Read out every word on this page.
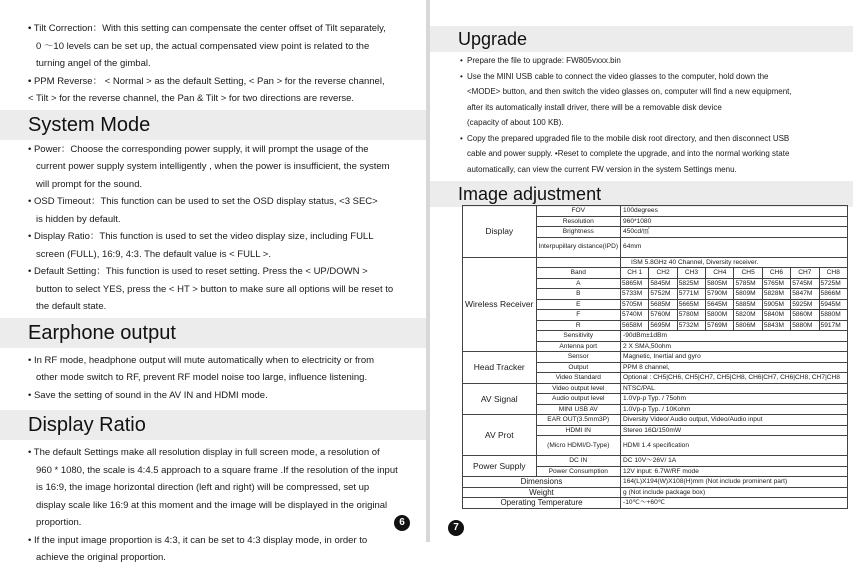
• • Tilt Correction：With this setting can compensate the center offset of Tilt separately,
0 ～10 levels can be set up, the actual compensated view point is related to the
turning angel of the gimbal.
• • PPM Reverse： < Normal > as the default Setting, < Pan > for the reverse channel,
< Tilt > for the reverse channel, the Pan & Tilt > for two directions are reverse.
System Mode
• Power：Choose the corresponding power supply, it will prompt the usage of the
current power supply system intelligently , when the power is insufficient, the system
will prompt for the sound.
• OSD Timeout：This function can be used to set the OSD display status, <3 SEC>
is hidden by default.
• Display Ratio：This function is used to set the video display size, including FULL
screen (FULL), 16:9, 4:3. The default value is < FULL >.
• Default Setting：This function is used to reset setting. Press the < UP/DOWN >
button to select YES, press the < HT > button to make sure all options will be reset to
the default state.
Earphone output
• In RF mode, headphone output will mute automatically when to electricity or from
other mode switch to RF, prevent RF model noise too large, influence listening.
• Save the setting of sound in the AV IN and HDMI mode.
Display Ratio
• The default Settings make all resolution display in full screen mode, a resolution of
960 * 1080, the scale is 4:4.5 approach to a square frame .If the resolution of the input
is 16:9, the image horizontal direction (left and right) will be compressed, set up
display scale like 16:9 at this moment and the image will be displayed in the original
proportion.
• If the input image proportion is 4:3, it can be set to 4:3 display mode, in order to
achieve the original proportion.
6
Upgrade
• Prepare the file to upgrade: FW805vxxx.bin
• Use the MINI USB cable to connect the video glasses to the computer, hold down the
<MODE> button, and then switch the video glasses on, computer will find a new equipment,
after its automatically install driver, there will be a removable disk device
(capacity of about 100 KB).
• Copy the prepared upgraded file to the mobile disk root directory, and then disconnect USB
cable and power supply. •Reset to complete the upgrade, and into the normal working state
automatically, can view the current FW version in the system Settings menu.
Image adjustment
Display	FOV	100degrees							
	Resolution	960*1080							
	Brightness	450cd/㎡							
	Interpupillary distance(IPD)	64mm							
Wireless Receiver		ISM 5.8GHz 40 Channel, Diversity receiver.							
	Band	CH 1	CH2	CH3	CH4	CH5	CH6	CH7	CH8
	A	5865M	5845M	5825M	5805M	5785M	5765M	5745M	5725M
	B	5733M	5752M	5771M	5790M	5809M	5828M	5847M	5866M
	E	5705M	5685M	5665M	5645M	5885M	5905M	5925M	5945M
	F	5740M	5760M	5780M	5800M	5820M	5840M	5860M	5880M
	R	5658M	5695M	5732M	5769M	5806M	5843M	5880M	5917M
	Sensitivity	-90dBm±1dBm							
	Antenna port	2 X SMA,50ohm							
Head Tracker	Sensor	Magnetic, Inertial and gyro							
	Output	PPM 8 channel,							
	Video Standard	Optional : CH5|CH6, CH5|CH7, CH5|CH8, CH6|CH7, CH6|CH8, CH7|CH8							
AV Signal	Video output level	NTSC/PAL							
	Audio output level	1.0Vp-p Typ. / 75ohm							
	MINI USB AV	1.0Vp-p Typ. / 10Kohm							
AV Prot	EAR OUT(3.5mm3P)	Diversity Video/ Audio output, Video/Audio input							
	HDMI IN	Stereo 16Ω/150mW							
	(Micro HDMI/D-Type)	HDMI 1.4 specification							
Power Supply	DC IN	DC 10V～26V/ 1A							
	Power Consumption	12V input: 6.7W/RF mode							
Dimensions		164(L)X194(W)X108(H)mm (Not include prominent part)							
Weight		g (Not include package box)							
Operating Temperature		-10℃～+60℃							
7
